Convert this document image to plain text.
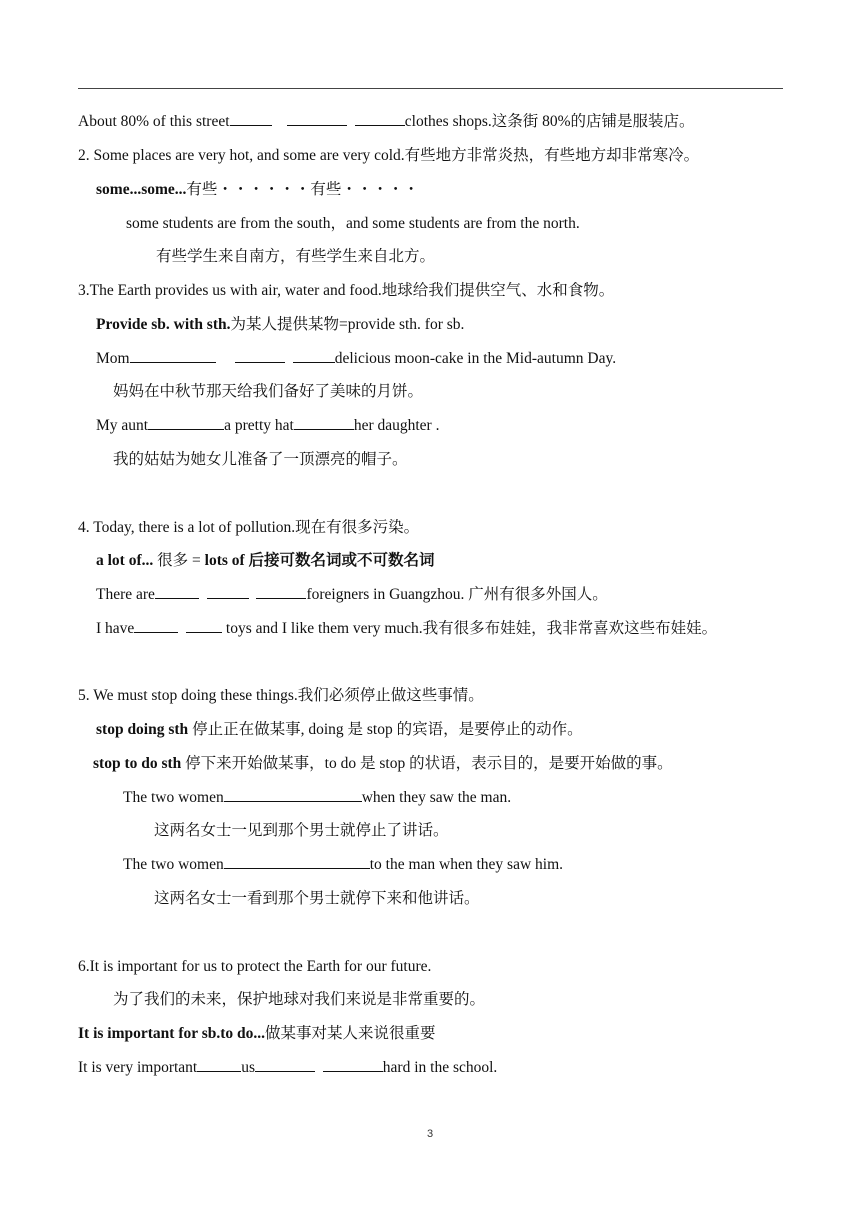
About 80% of this street	clothes shops.这条街 80%的店铺是服装店。
2. Some places are very hot, and some are very cold.有些地方非常炎热，有些地方却非常寒冷。
some...some...有些・・・・・・有些・・・・・
some students are from the south，and some students are from the north.
有些学生来自南方，有些学生来自北方。
3.The Earth provides us with air, water and food.地球给我们提供空气、水和食物。
Provide sb. with sth.为某人提供某物=provide sth. for sb.
Mom	delicious moon-cake in the Mid-autumn Day.
妈妈在中秋节那天给我们备好了美味的月饼。
My aunt	a pretty hat	her daughter .
我的姑姑为她女儿准备了一顶漂亮的帽子。
4. Today, there is a lot of pollution.现在有很多污染。
a lot of... 很多 = lots of 后接可数名词或不可数名词
There are	foreigners in Guangzhou. 广州有很多外国人。
I have	toys and I like them very much.我有很多布娃娃，我非常喜欢这些布娃娃。
5. We must stop doing these things.我们必须停止做这些事情。
stop doing sth 停止正在做某事, doing 是 stop 的宾语，是要停止的动作。
stop to do sth 停下来开始做某事，to do 是 stop 的状语，表示目的，是要开始做的事。
The two women	when they saw the man.
这两名女士一见到那个男士就停止了讲话。
The two women	to the man when they saw him.
这两名女士一看到那个男士就停下来和他讲话。
6.It is important for us to protect the Earth for our future.
为了我们的未来，保护地球对我们来说是非常重要的。
It is important for sb.to do...做某事对某人来说很重要
It is very important	us	hard in the school.
3
